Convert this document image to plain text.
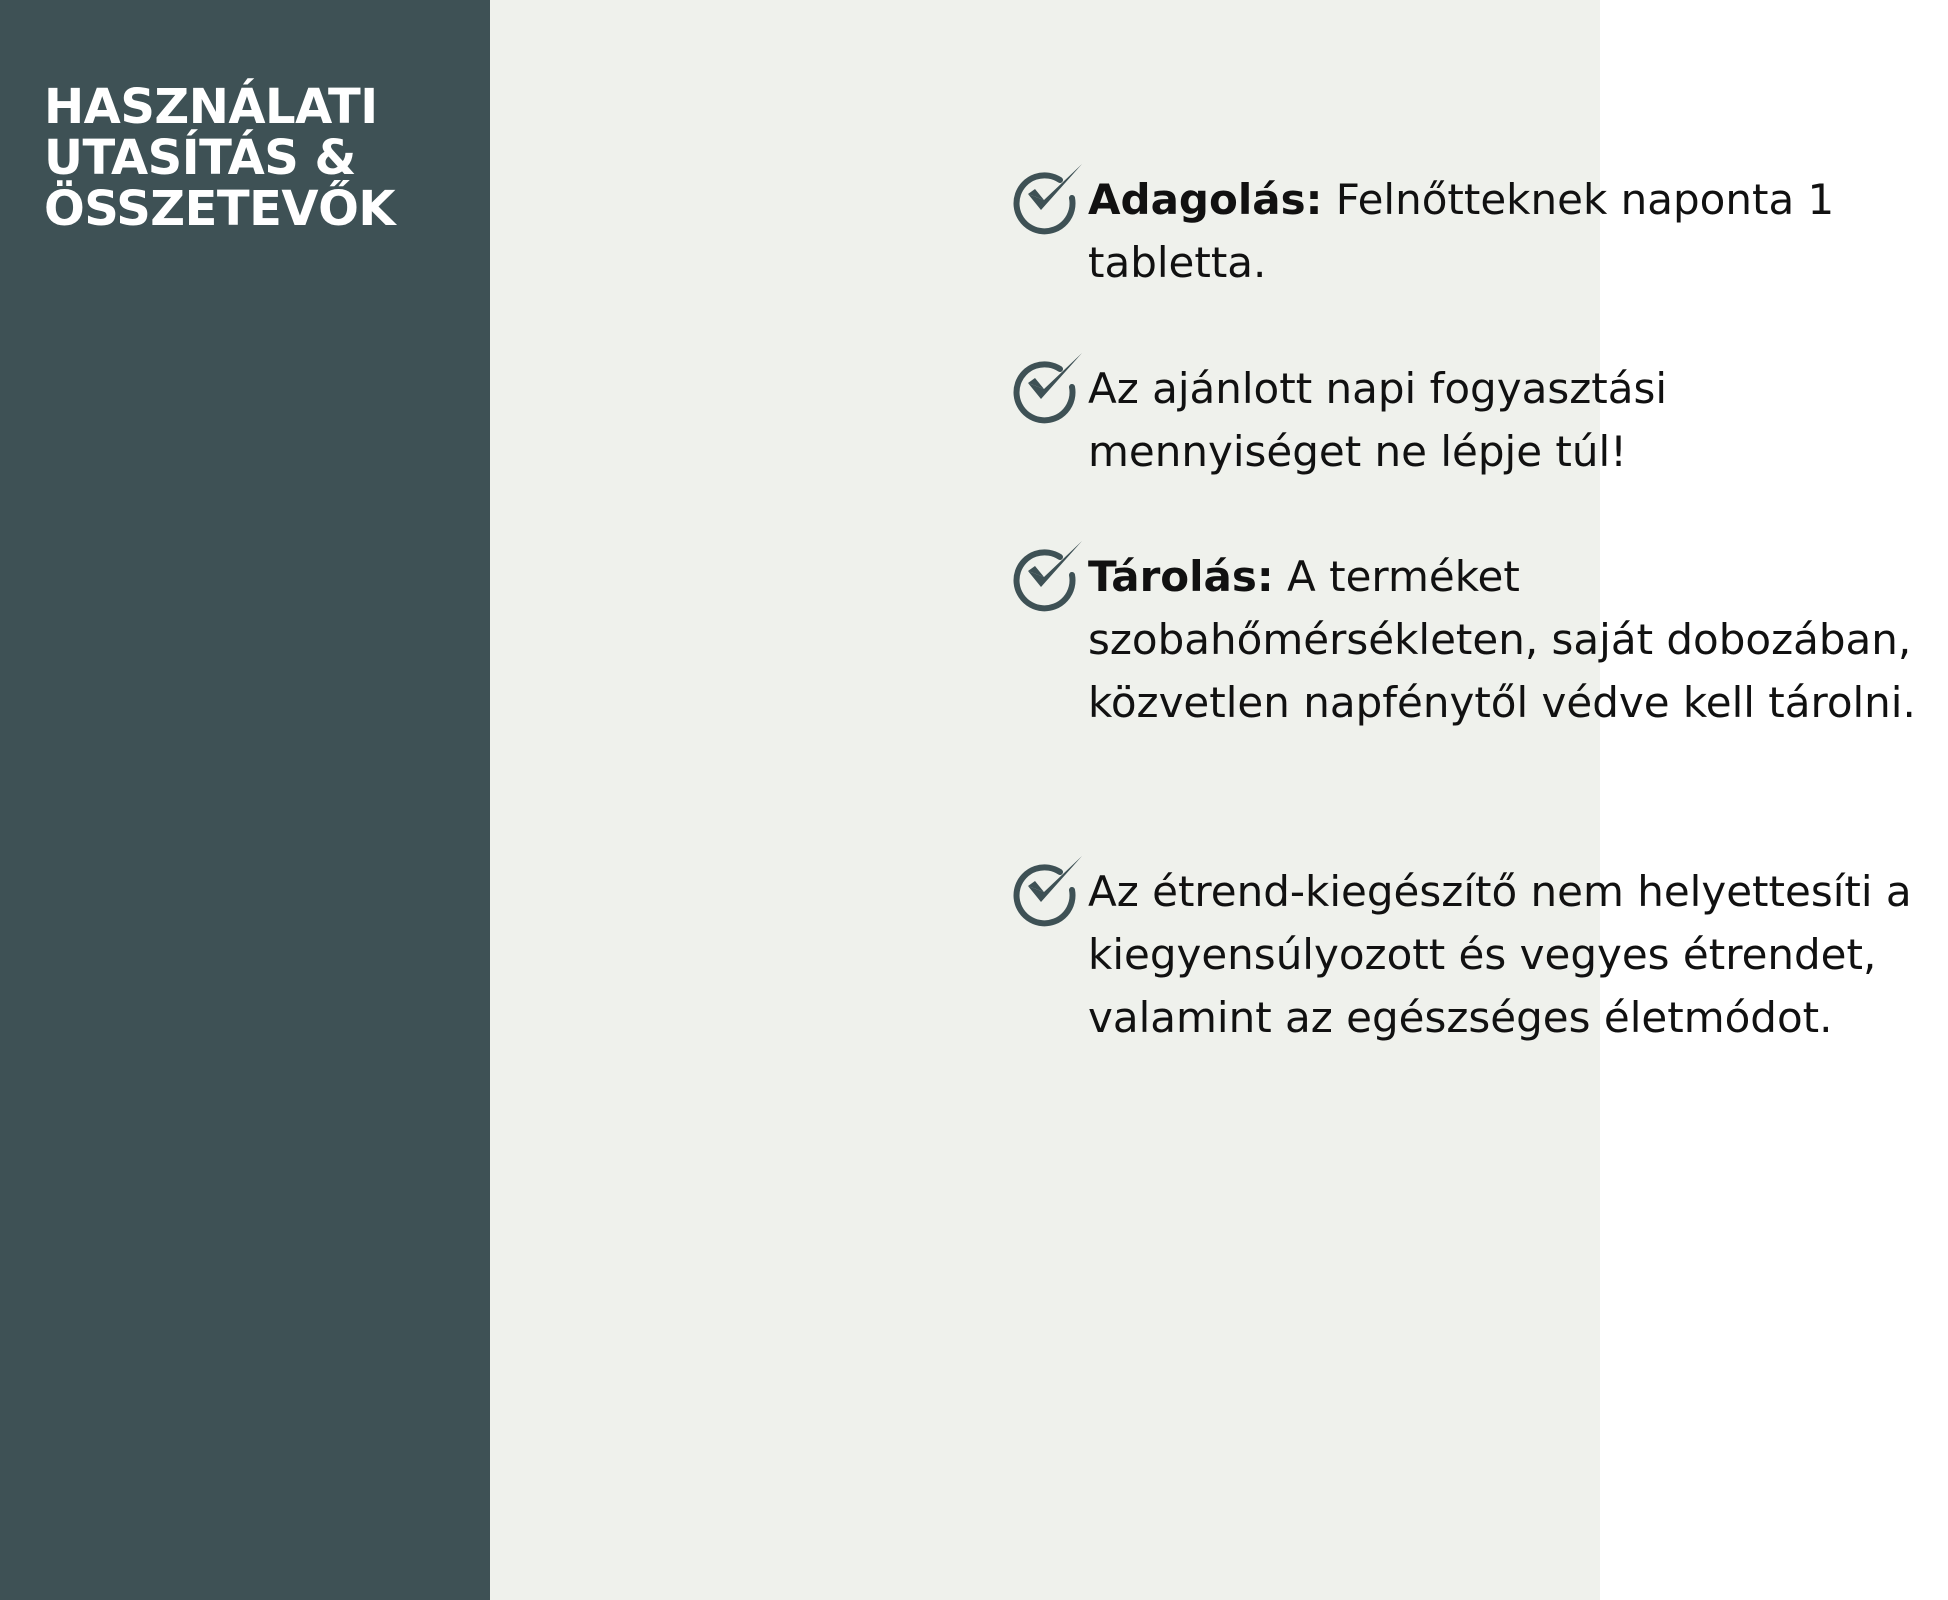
HASZNÁLATI
UTASÍTÁS &
ÖSSZETEVŐK	Adagolás: Felnőtteknek naponta 1 tabletta.
Az ajánlott napi fogyasztási mennyiséget ne lépje túl!
Tárolás: A terméket szobahőmérsékleten, saját dobozában, közvetlen napfénytől védve kell tárolni.
Az étrend-kiegészítő nem helyettesíti a kiegyensúlyozott és vegyes étrendet, valamint az egészséges életmódot.
